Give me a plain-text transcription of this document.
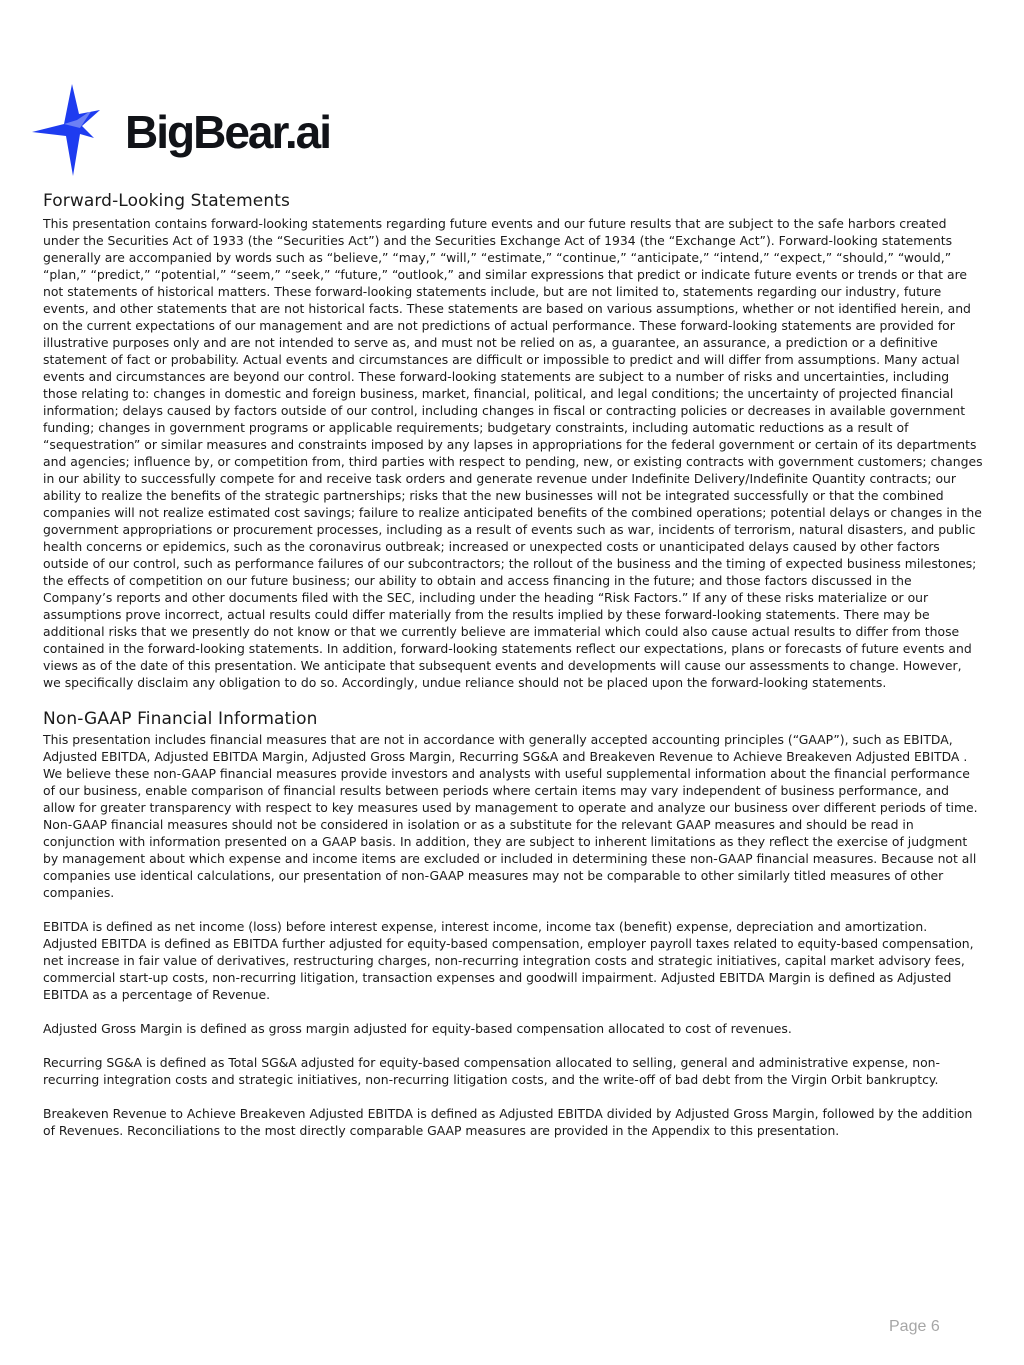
BigBear.ai
Forward-Looking Statements

This presentation contains forward-looking statements regarding future events and our future results that are subject to the safe harbors created under the Securities Act of 1933 (the “Securities Act”) and the Securities Exchange Act of 1934 (the “Exchange Act”). Forward-looking statements generally are accompanied by words such as “believe,” “may,” “will,” “estimate,” “continue,” “anticipate,” “intend,” “expect,” “should,” “would,” “plan,” “predict,” “potential,” “seem,” “seek,” “future,” “outlook,” and similar expressions that predict or indicate future events or trends or that are not statements of historical matters. These forward-looking statements include, but are not limited to, statements regarding our industry, future events, and other statements that are not historical facts. These statements are based on various assumptions, whether or not identified herein, and on the current expectations of our management and are not predictions of actual performance. These forward-looking statements are provided for illustrative purposes only and are not intended to serve as, and must not be relied on as, a guarantee, an assurance, a prediction or a definitive statement of fact or probability. Actual events and circumstances are difficult or impossible to predict and will differ from assumptions. Many actual events and circumstances are beyond our control. These forward-looking statements are subject to a number of risks and uncertainties, including those relating to: changes in domestic and foreign business, market, financial, political, and legal conditions; the uncertainty of projected financial information; delays caused by factors outside of our control, including changes in fiscal or contracting policies or decreases in available government funding; changes in government programs or applicable requirements; budgetary constraints, including automatic reductions as a result of “sequestration” or similar measures and constraints imposed by any lapses in appropriations for the federal government or certain of its departments and agencies; influence by, or competition from, third parties with respect to pending, new, or existing contracts with government customers; changes in our ability to successfully compete for and receive task orders and generate revenue under Indefinite Delivery/Indefinite Quantity contracts; our ability to realize the benefits of the strategic partnerships; risks that the new businesses will not be integrated successfully or that the combined companies will not realize estimated cost savings; failure to realize anticipated benefits of the combined operations; potential delays or changes in the government appropriations or procurement processes, including as a result of events such as war, incidents of terrorism, natural disasters, and public health concerns or epidemics, such as the coronavirus outbreak; increased or unexpected costs or unanticipated delays caused by other factors outside of our control, such as performance failures of our subcontractors; the rollout of the business and the timing of expected business milestones; the effects of competition on our future business; our ability to obtain and access financing in the future; and those factors discussed in the Company’s reports and other documents filed with the SEC, including under the heading “Risk Factors.” If any of these risks materialize or our assumptions prove incorrect, actual results could differ materially from the results implied by these forward-looking statements. There may be additional risks that we presently do not know or that we currently believe are immaterial which could also cause actual results to differ from those contained in the forward-looking statements. In addition, forward-looking statements reflect our expectations, plans or forecasts of future events and views as of the date of this presentation. We anticipate that subsequent events and developments will cause our assessments to change. However, we specifically disclaim any obligation to do so. Accordingly, undue reliance should not be placed upon the forward-looking statements.

Non-GAAP Financial Information

This presentation includes financial measures that are not in accordance with generally accepted accounting principles (“GAAP”), such as EBITDA, Adjusted EBITDA, Adjusted EBITDA Margin, Adjusted Gross Margin, Recurring SG&A and Breakeven Revenue to Achieve Breakeven Adjusted EBITDA . We believe these non-GAAP financial measures provide investors and analysts with useful supplemental information about the financial performance of our business, enable comparison of financial results between periods where certain items may vary independent of business performance, and allow for greater transparency with respect to key measures used by management to operate and analyze our business over different periods of time. Non-GAAP financial measures should not be considered in isolation or as a substitute for the relevant GAAP measures and should be read in conjunction with information presented on a GAAP basis. In addition, they are subject to inherent limitations as they reflect the exercise of judgment by management about which expense and income items are excluded or included in determining these non-GAAP financial measures. Because not all companies use identical calculations, our presentation of non-GAAP measures may not be comparable to other similarly titled measures of other companies.

EBITDA is defined as net income (loss) before interest expense, interest income, income tax (benefit) expense, depreciation and amortization. Adjusted EBITDA is defined as EBITDA further adjusted for equity-based compensation, employer payroll taxes related to equity-based compensation, net increase in fair value of derivatives, restructuring charges, non-recurring integration costs and strategic initiatives, capital market advisory fees, commercial start-up costs, non-recurring litigation, transaction expenses and goodwill impairment. Adjusted EBITDA Margin is defined as Adjusted EBITDA as a percentage of Revenue.

Adjusted Gross Margin is defined as gross margin adjusted for equity-based compensation allocated to cost of revenues.

Recurring SG&A is defined as Total SG&A adjusted for equity-based compensation allocated to selling, general and administrative expense, non-recurring integration costs and strategic initiatives, non-recurring litigation costs, and the write-off of bad debt from the Virgin Orbit bankruptcy.

Breakeven Revenue to Achieve Breakeven Adjusted EBITDA is defined as Adjusted EBITDA divided by Adjusted Gross Margin, followed by the addition of Revenues. Reconciliations to the most directly comparable GAAP measures are provided in the Appendix to this presentation.

Page 6
